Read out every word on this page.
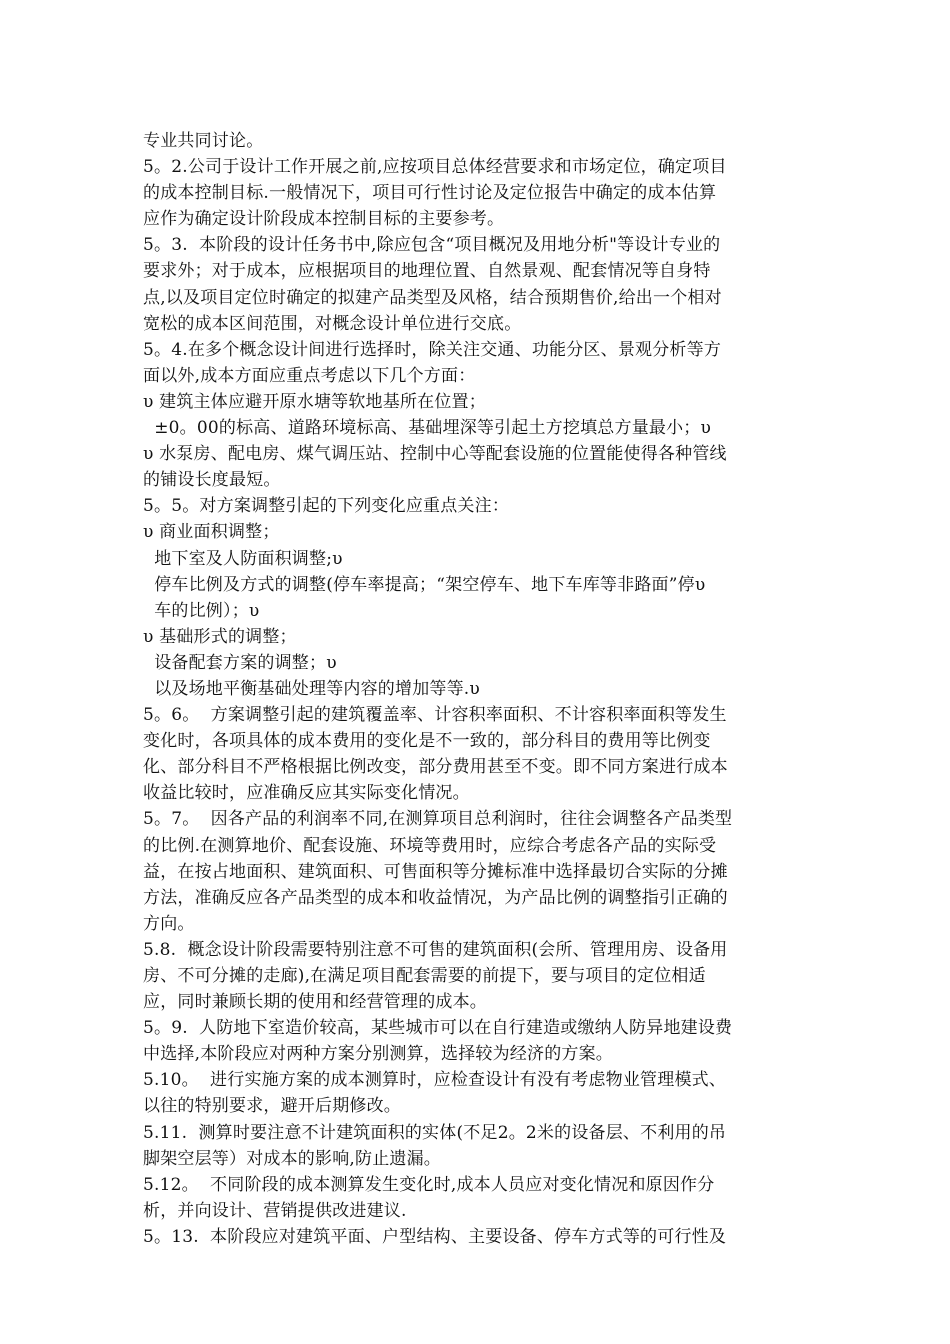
专业共同讨论。
5。2.公司于设计工作开展之前,应按项目总体经营要求和市场定位，确定项目
的成本控制目标.一般情况下，项目可行性讨论及定位报告中确定的成本估算
应作为确定设计阶段成本控制目标的主要参考。
5。3.  本阶段的设计任务书中,除应包含“项目概况及用地分析"等设计专业的
要求外；对于成本，应根据项目的地理位置、自然景观、配套情况等自身特
点,以及项目定位时确定的拟建产品类型及风格，结合预期售价,给出一个相对
宽松的成本区间范围，对概念设计单位进行交底。
5。4.在多个概念设计间进行选择时，除关注交通、功能分区、景观分析等方
面以外,成本方面应重点考虑以下几个方面：
υ 建筑主体应避开原水塘等软地基所在位置；
±0。00的标高、道路环境标高、基础埋深等引起土方挖填总方量最小；υ
υ 水泵房、配电房、煤气调压站、控制中心等配套设施的位置能使得各种管线
的铺设长度最短。
5。5。对方案调整引起的下列变化应重点关注：
υ 商业面积调整；
地下室及人防面积调整;υ
停车比例及方式的调整(停车率提高；“架空停车、地下车库等非路面”停υ
车的比例）；υ
υ 基础形式的调整；
设备配套方案的调整；υ
以及场地平衡基础处理等内容的增加等等.υ
5。6。  方案调整引起的建筑覆盖率、计容积率面积、不计容积率面积等发生
变化时，各项具体的成本费用的变化是不一致的，部分科目的费用等比例变
化、部分科目不严格根据比例改变，部分费用甚至不变。即不同方案进行成本
收益比较时，应准确反应其实际变化情况。
5。7。  因各产品的利润率不同,在测算项目总利润时，往往会调整各产品类型
的比例.在测算地价、配套设施、环境等费用时，应综合考虑各产品的实际受
益，在按占地面积、建筑面积、可售面积等分摊标准中选择最切合实际的分摊
方法，准确反应各产品类型的成本和收益情况，为产品比例的调整指引正确的
方向。
5.8.  概念设计阶段需要特别注意不可售的建筑面积(会所、管理用房、设备用
房、不可分摊的走廊),在满足项目配套需要的前提下，要与项目的定位相适
应，同时兼顾长期的使用和经营管理的成本。
5。9.  人防地下室造价较高，某些城市可以在自行建造或缴纳人防异地建设费
中选择,本阶段应对两种方案分别测算，选择较为经济的方案。
5.10。  进行实施方案的成本测算时，应检查设计有没有考虑物业管理模式、
以往的特别要求，避开后期修改。
5.11.  测算时要注意不计建筑面积的实体(不足2。2米的设备层、不利用的吊
脚架空层等）对成本的影响,防止遗漏。
5.12。  不同阶段的成本测算发生变化时,成本人员应对变化情况和原因作分
析，并向设计、营销提供改进建议.
5。13.  本阶段应对建筑平面、户型结构、主要设备、停车方式等的可行性及
